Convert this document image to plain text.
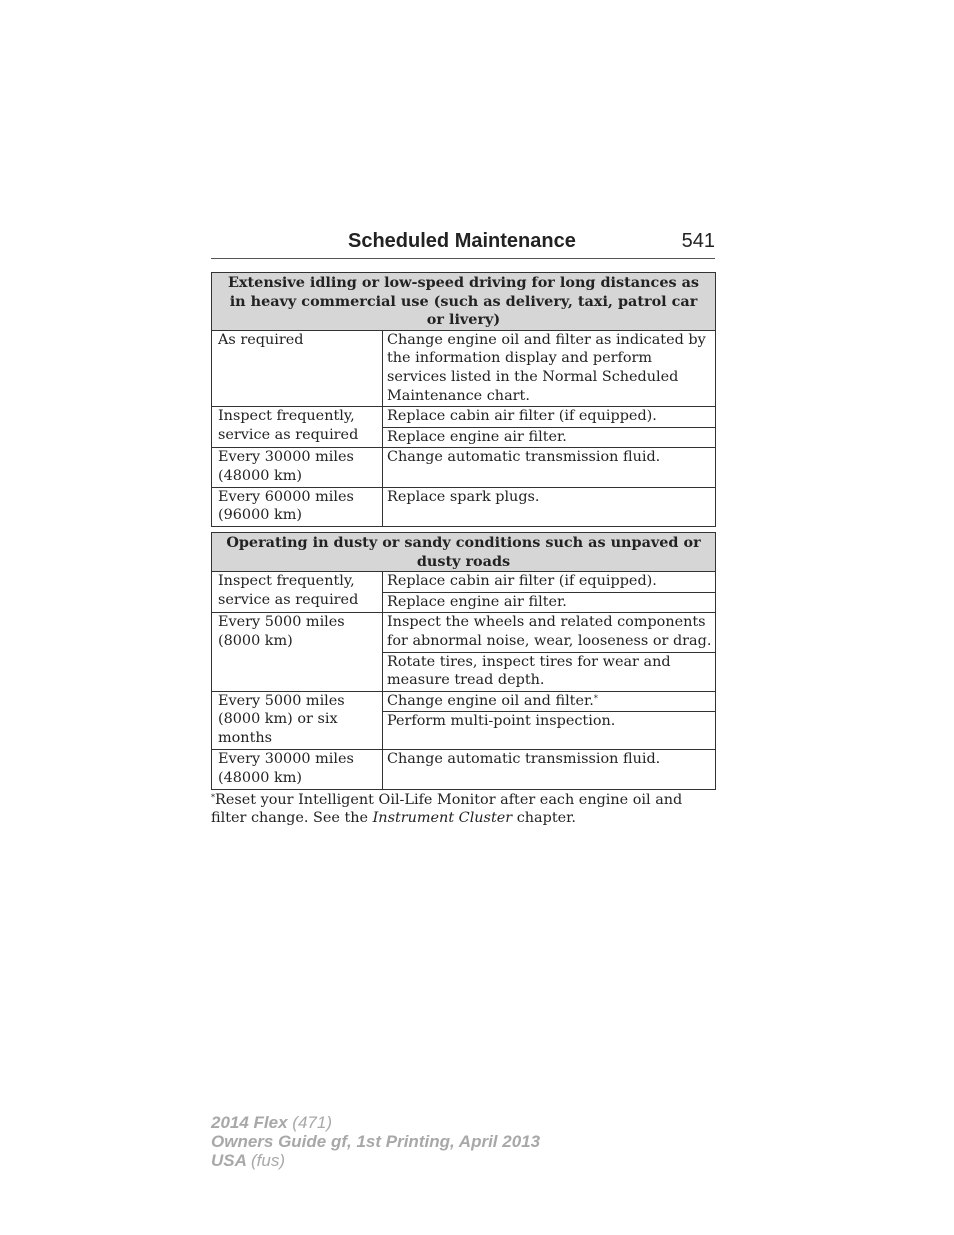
Scheduled Maintenance	541
Extensive idling or low-speed driving for long distances as in heavy commercial use (such as delivery, taxi, patrol car or livery)	
As required	Change engine oil and filter as indicated by the information display and perform services listed in the Normal Scheduled Maintenance chart.
Inspect frequently, service as required	Replace cabin air filter (if equipped).
	Replace engine air filter.
Every 30000 miles (48000 km)	Change automatic transmission fluid.
Every 60000 miles (96000 km)	Replace spark plugs.
Operating in dusty or sandy conditions such as unpaved or dusty roads	
Inspect frequently, service as required	Replace cabin air filter (if equipped).
	Replace engine air filter.
Every 5000 miles (8000 km)	Inspect the wheels and related components for abnormal noise, wear, looseness or drag.
	Rotate tires, inspect tires for wear and measure tread depth.
Every 5000 miles (8000 km) or six months	Change engine oil and filter.*
	Perform multi-point inspection.
Every 30000 miles (48000 km)	Change automatic transmission fluid.
*Reset your Intelligent Oil-Life Monitor after each engine oil and filter change. See the Instrument Cluster chapter.
2014 Flex (471)
Owners Guide gf, 1st Printing, April 2013
USA (fus)
